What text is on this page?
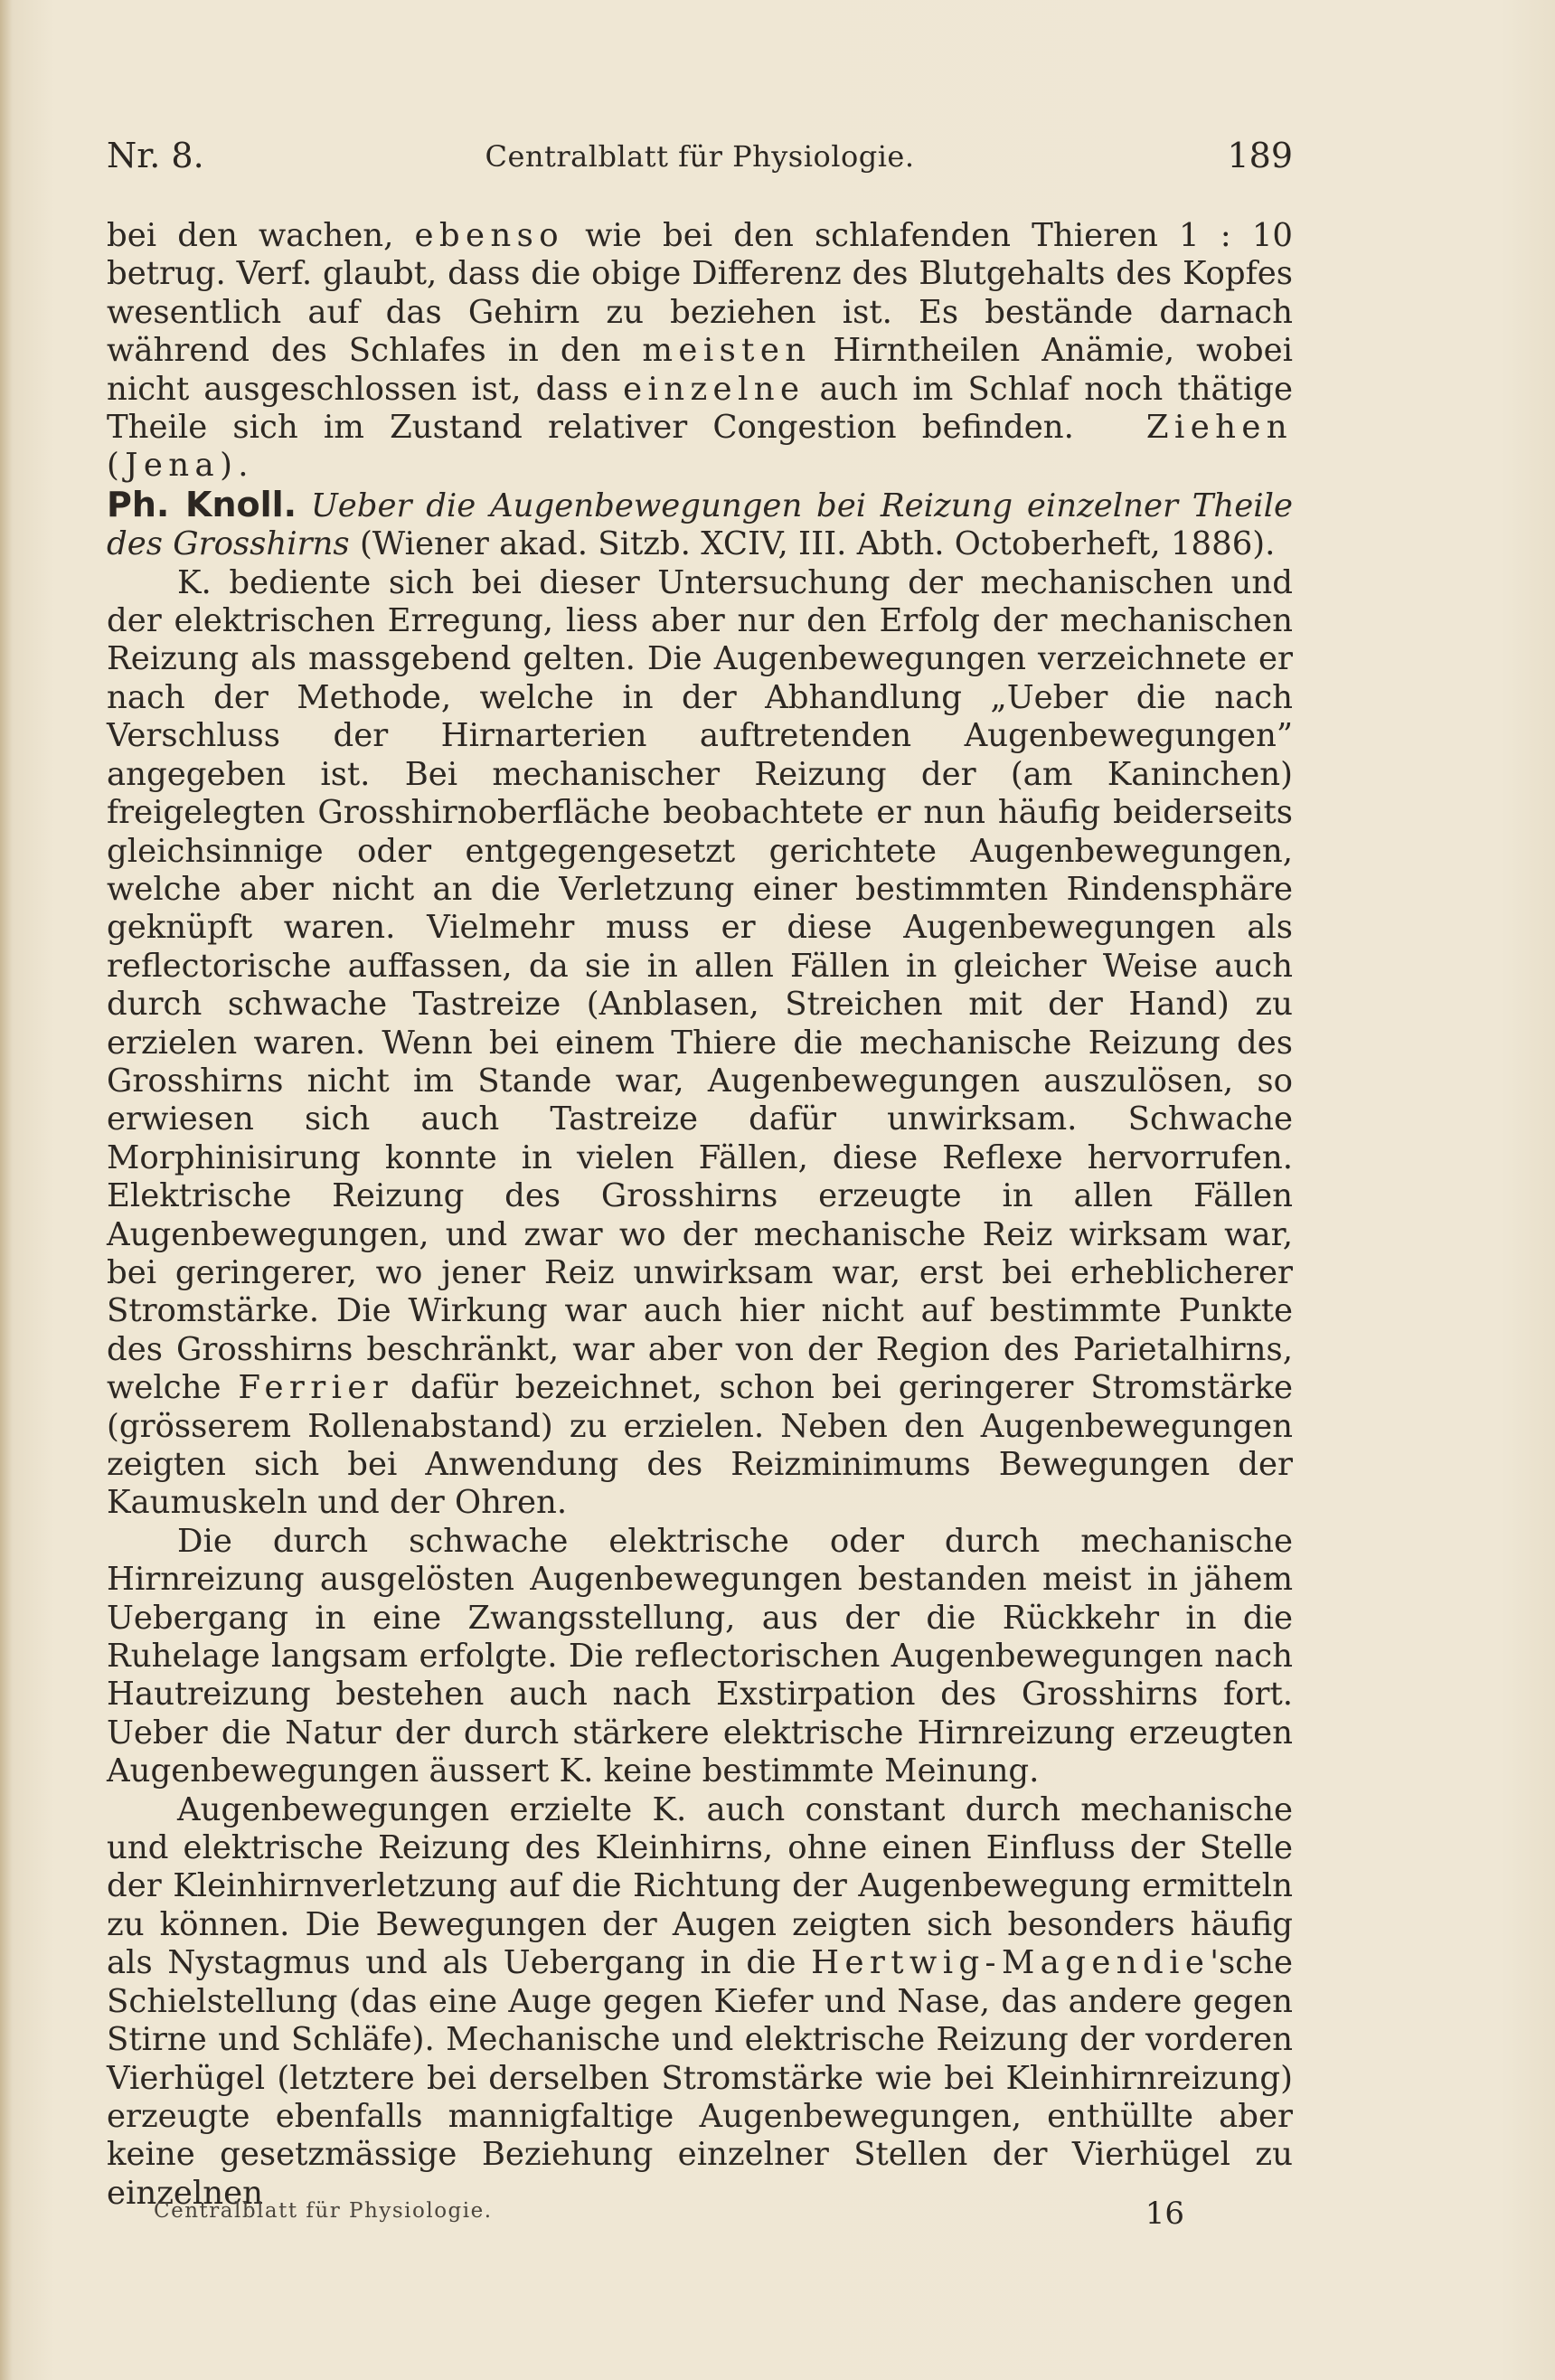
Nr. 8.	Centralblatt für Physiologie.	189

bei den wachen, ebenso wie bei den schlafenden Thieren 1 : 10 betrug. Verf. glaubt, dass die obige Differenz des Blutgehalts des Kopfes wesentlich auf das Gehirn zu beziehen ist. Es bestände darnach während des Schlafes in den meisten Hirntheilen Anämie, wobei nicht ausgeschlossen ist, dass einzelne auch im Schlaf noch thätige Theile sich im Zustand relativer Congestion befinden. Ziehen (Jena).

Ph. Knoll. Ueber die Augenbewegungen bei Reizung einzelner Theile des Grosshirns (Wiener akad. Sitzb. XCIV, III. Abth. Octoberheft, 1886).

K. bediente sich bei dieser Untersuchung der mechanischen und der elektrischen Erregung, liess aber nur den Erfolg der mechanischen Reizung als massgebend gelten. Die Augenbewegungen verzeichnete er nach der Methode, welche in der Abhandlung „Ueber die nach Verschluss der Hirnarterien auftretenden Augenbewegungen” angegeben ist. Bei mechanischer Reizung der (am Kaninchen) freigelegten Grosshirnoberfläche beobachtete er nun häufig beiderseits gleichsinnige oder entgegengesetzt gerichtete Augenbewegungen, welche aber nicht an die Verletzung einer bestimmten Rindensphäre geknüpft waren. Vielmehr muss er diese Augenbewegungen als reflectorische auffassen, da sie in allen Fällen in gleicher Weise auch durch schwache Tastreize (Anblasen, Streichen mit der Hand) zu erzielen waren. Wenn bei einem Thiere die mechanische Reizung des Grosshirns nicht im Stande war, Augenbewegungen auszulösen, so erwiesen sich auch Tastreize dafür unwirksam. Schwache Morphinisirung konnte in vielen Fällen, diese Reflexe hervorrufen. Elektrische Reizung des Grosshirns erzeugte in allen Fällen Augenbewegungen, und zwar wo der mechanische Reiz wirksam war, bei geringerer, wo jener Reiz unwirksam war, erst bei erheblicherer Stromstärke. Die Wirkung war auch hier nicht auf bestimmte Punkte des Grosshirns beschränkt, war aber von der Region des Parietalhirns, welche Ferrier dafür bezeichnet, schon bei geringerer Stromstärke (grösserem Rollenabstand) zu erzielen. Neben den Augenbewegungen zeigten sich bei Anwendung des Reizminimums Bewegungen der Kaumuskeln und der Ohren.

Die durch schwache elektrische oder durch mechanische Hirnreizung ausgelösten Augenbewegungen bestanden meist in jähem Uebergang in eine Zwangsstellung, aus der die Rückkehr in die Ruhelage langsam erfolgte. Die reflectorischen Augenbewegungen nach Hautreizung bestehen auch nach Exstirpation des Grosshirns fort. Ueber die Natur der durch stärkere elektrische Hirnreizung erzeugten Augenbewegungen äussert K. keine bestimmte Meinung.

Augenbewegungen erzielte K. auch constant durch mechanische und elektrische Reizung des Kleinhirns, ohne einen Einfluss der Stelle der Kleinhirnverletzung auf die Richtung der Augenbewegung ermitteln zu können. Die Bewegungen der Augen zeigten sich besonders häufig als Nystagmus und als Uebergang in die Hertwig-Magendie'sche Schielstellung (das eine Auge gegen Kiefer und Nase, das andere gegen Stirne und Schläfe). Mechanische und elektrische Reizung der vorderen Vierhügel (letztere bei derselben Stromstärke wie bei Kleinhirnreizung) erzeugte ebenfalls mannigfaltige Augenbewegungen, enthüllte aber keine gesetzmässige Beziehung einzelner Stellen der Vierhügel zu einzelnen

Centralblatt für Physiologie.	16
